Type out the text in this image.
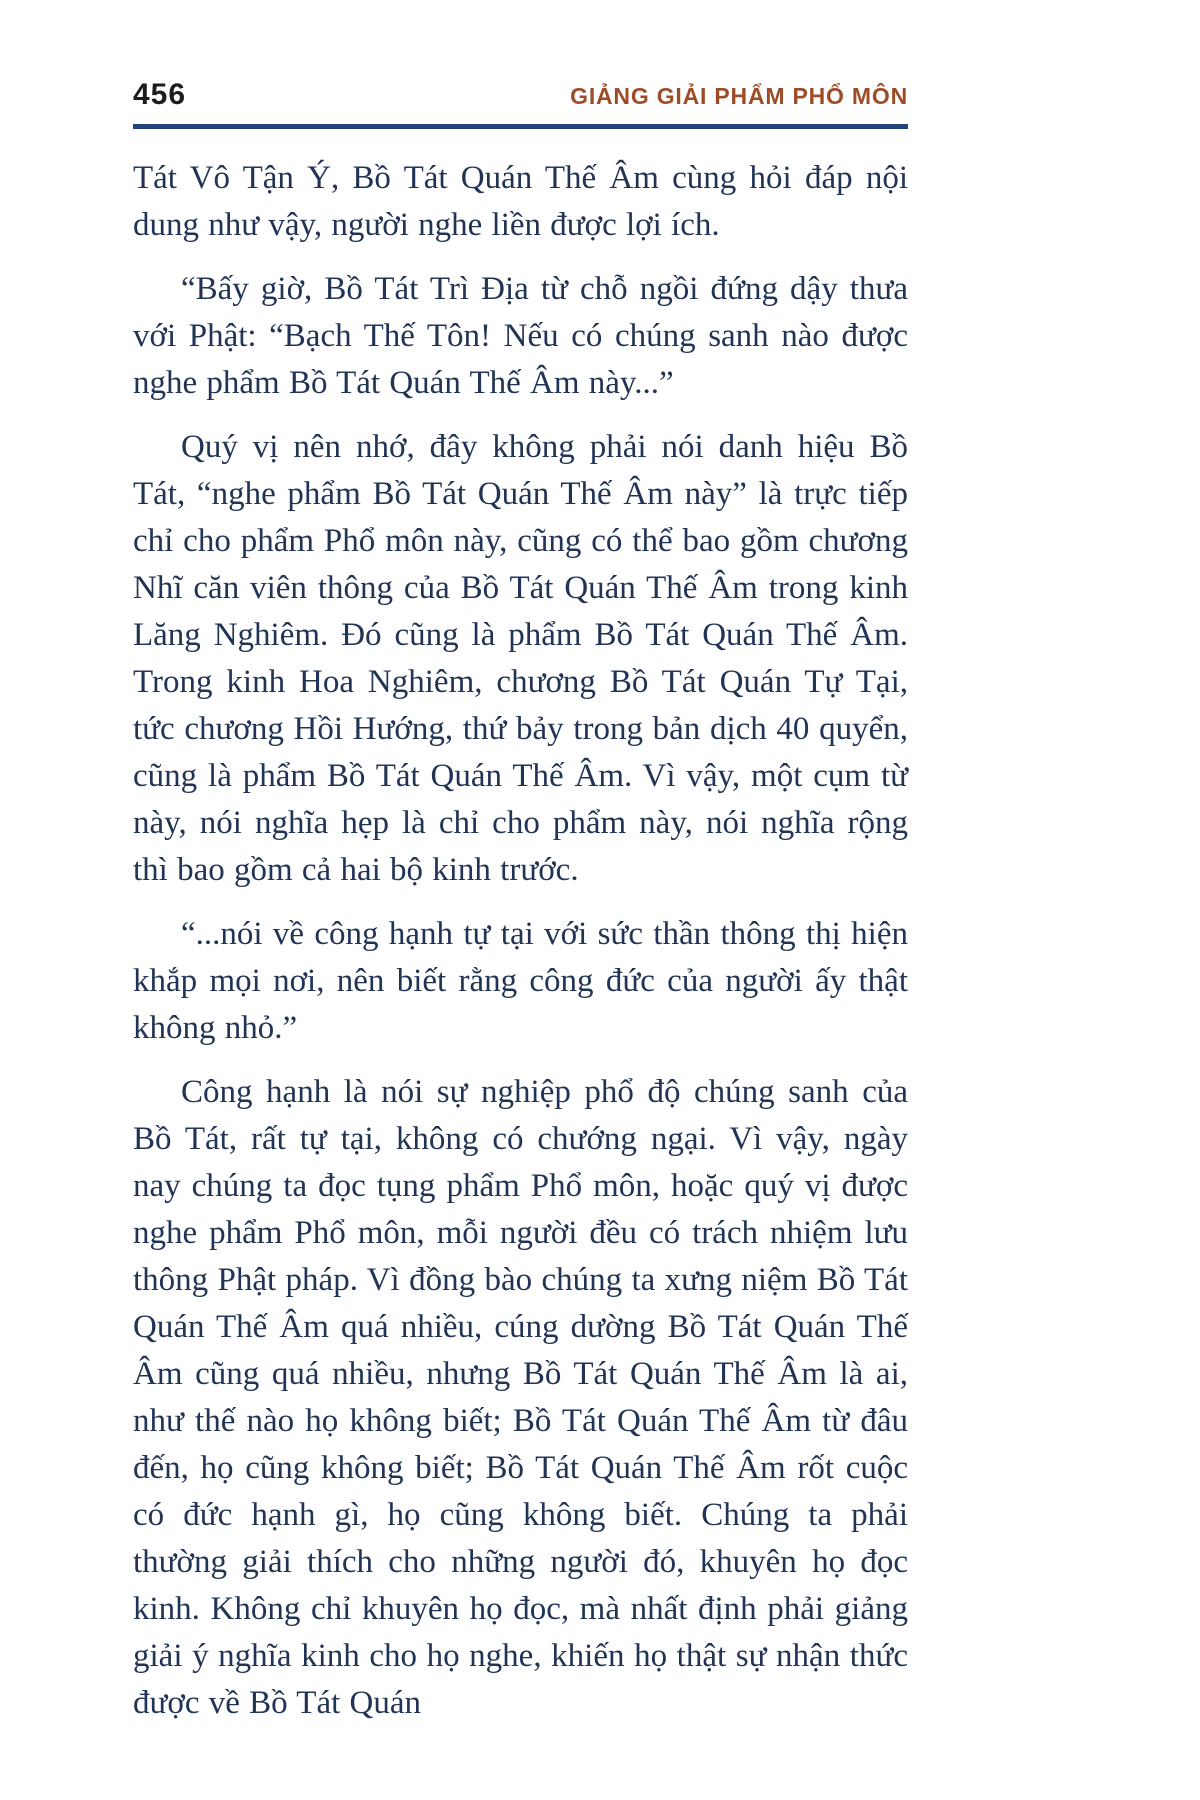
456	GIẢNG GIẢI PHẨM PHỔ MÔN

Tát Vô Tận Ý, Bồ Tát Quán Thế Âm cùng hỏi đáp nội dung như vậy, người nghe liền được lợi ích.

“Bấy giờ, Bồ Tát Trì Địa từ chỗ ngồi đứng dậy thưa với Phật: “Bạch Thế Tôn! Nếu có chúng sanh nào được nghe phẩm Bồ Tát Quán Thế Âm này...”

Quý vị nên nhớ, đây không phải nói danh hiệu Bồ Tát, “nghe phẩm Bồ Tát Quán Thế Âm này” là trực tiếp chỉ cho phẩm Phổ môn này, cũng có thể bao gồm chương Nhĩ căn viên thông của Bồ Tát Quán Thế Âm trong kinh Lăng Nghiêm. Đó cũng là phẩm Bồ Tát Quán Thế Âm. Trong kinh Hoa Nghiêm, chương Bồ Tát Quán Tự Tại, tức chương Hồi Hướng, thứ bảy trong bản dịch 40 quyển, cũng là phẩm Bồ Tát Quán Thế Âm. Vì vậy, một cụm từ này, nói nghĩa hẹp là chỉ cho phẩm này, nói nghĩa rộng thì bao gồm cả hai bộ kinh trước.

“...nói về công hạnh tự tại với sức thần thông thị hiện khắp mọi nơi, nên biết rằng công đức của người ấy thật không nhỏ.”

Công hạnh là nói sự nghiệp phổ độ chúng sanh của Bồ Tát, rất tự tại, không có chướng ngại. Vì vậy, ngày nay chúng ta đọc tụng phẩm Phổ môn, hoặc quý vị được nghe phẩm Phổ môn, mỗi người đều có trách nhiệm lưu thông Phật pháp. Vì đồng bào chúng ta xưng niệm Bồ Tát Quán Thế Âm quá nhiều, cúng dường Bồ Tát Quán Thế Âm cũng quá nhiều, nhưng Bồ Tát Quán Thế Âm là ai, như thế nào họ không biết; Bồ Tát Quán Thế Âm từ đâu đến, họ cũng không biết; Bồ Tát Quán Thế Âm rốt cuộc có đức hạnh gì, họ cũng không biết. Chúng ta phải thường giải thích cho những người đó, khuyên họ đọc kinh. Không chỉ khuyên họ đọc, mà nhất định phải giảng giải ý nghĩa kinh cho họ nghe, khiến họ thật sự nhận thức được về Bồ Tát Quán
